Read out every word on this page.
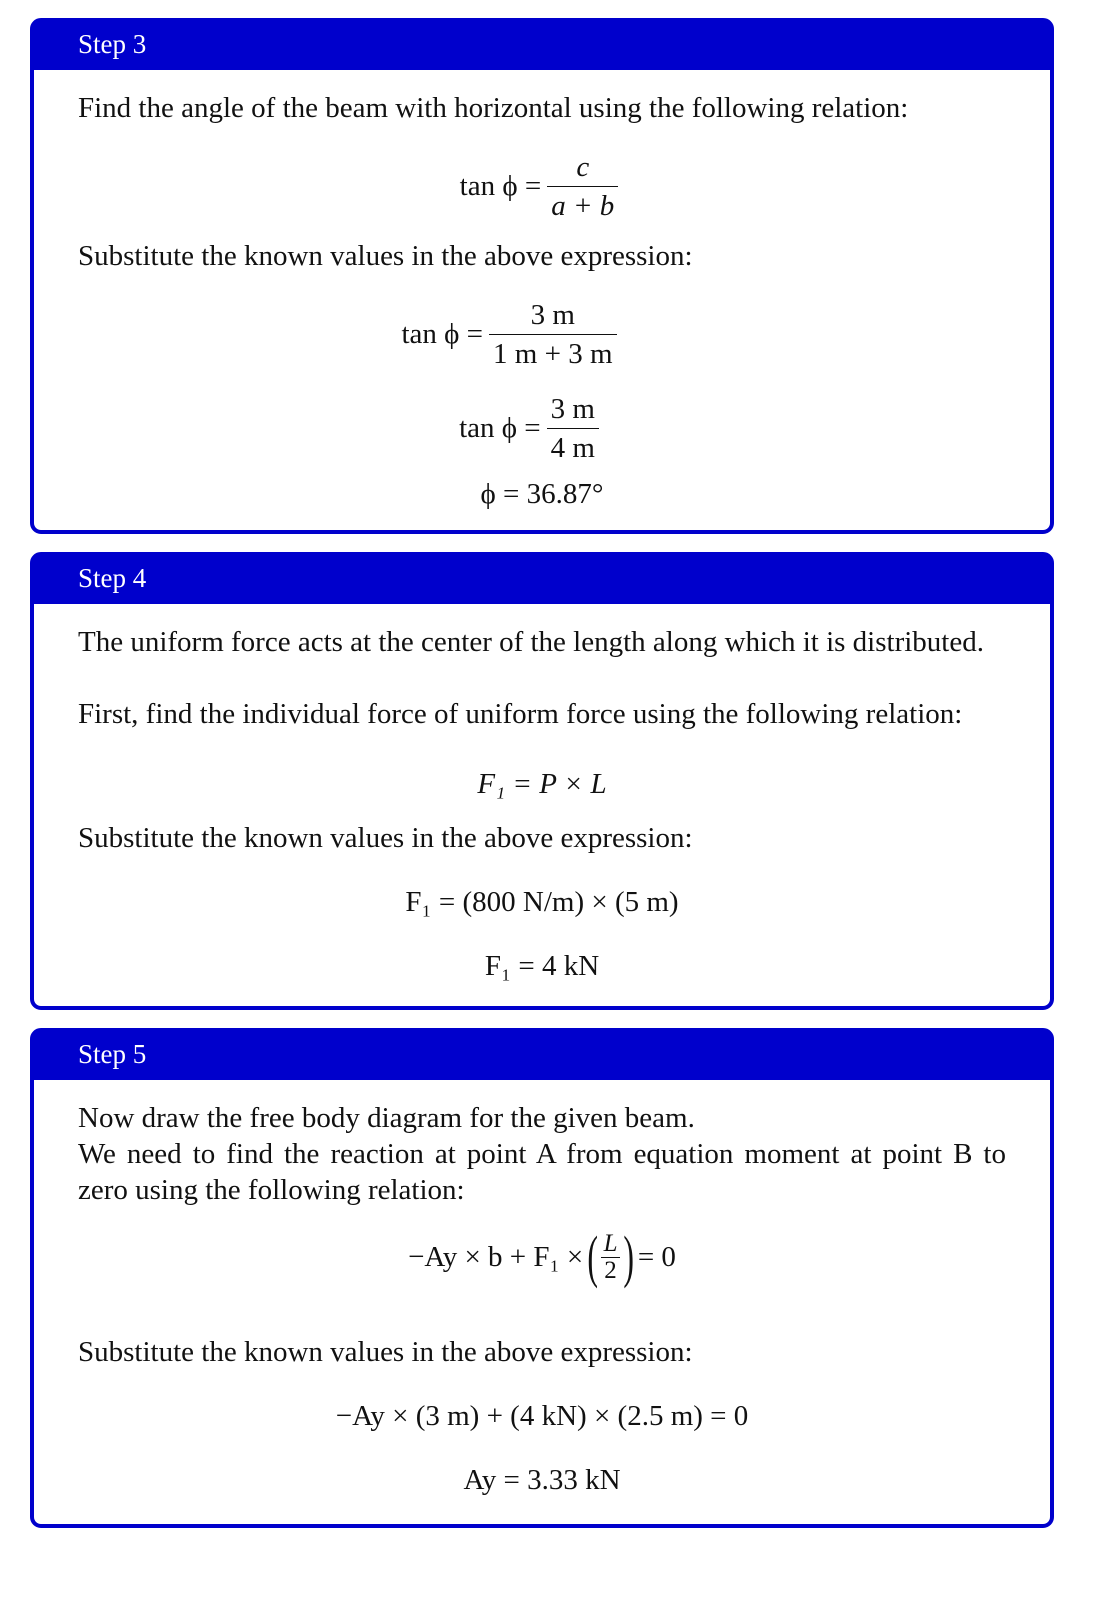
Step 3

Find the angle of the beam with horizontal using the following relation:

$\tan \phi = \frac{c}{a + b}$

Substitute the known values in the above expression:

$\tan \phi = \frac{3 m}{1 m + 3 m}$
$\tan \phi = \frac{3 m}{4 m}$
ϕ = 36.87°
Step 4

The uniform force acts at the center of the length along which it is distributed.

First, find the individual force of uniform force using the following relation:

F₁ = P × L

Substitute the known values in the above expression:

F₁ = (800 N/m) × (5 m)
F₁ = 4 kN
Step 5

Now draw the free body diagram for the given beam.

We need to find the reaction at point A from equation moment at point B to zero using the following relation:

−Ay × b + F₁ × ( $\frac{L}{2}$ ) = 0

Substitute the known values in the above expression:

−Ay × (3 m) + (4 kN) × (2.5 m) = 0
Ay = 3.33 kN
